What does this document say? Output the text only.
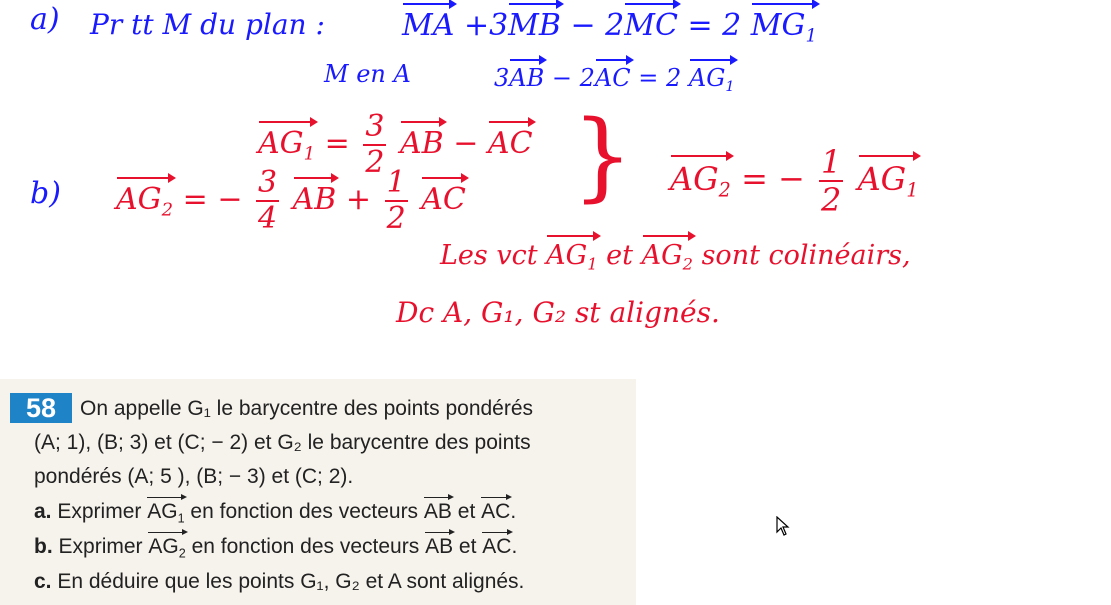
a) Pr tt M du plan :	MA +3MB − 2MC = 2 $MG_1$
M en A	3AB − 2AC = 2 $AG_1$
$AG_1 = \frac{3}{2}$ AB − AC
b) $AG_2$ = − $\frac{3}{4}$ AB + $\frac{1}{2}$ AC } $AG_2$ = − $\frac{1}{2} AG_1$
Les vct $AG_1$ et $AG_2$ sont colinéairs,
Dc A, G₁, G₂ st alignés.
58	On appelle G₁ le barycentre des points pondérés
(A; 1), (B; 3) et (C; − 2) et G₂ le barycentre des points
pondérés (A; 5 ), (B; − 3) et (C; 2).
a. Exprimer $AG_1$ en fonction des vecteurs AB et AC.
b. Exprimer $AG_2$ en fonction des vecteurs AB et AC.
c. En déduire que les points G₁, G₂ et A sont alignés.
